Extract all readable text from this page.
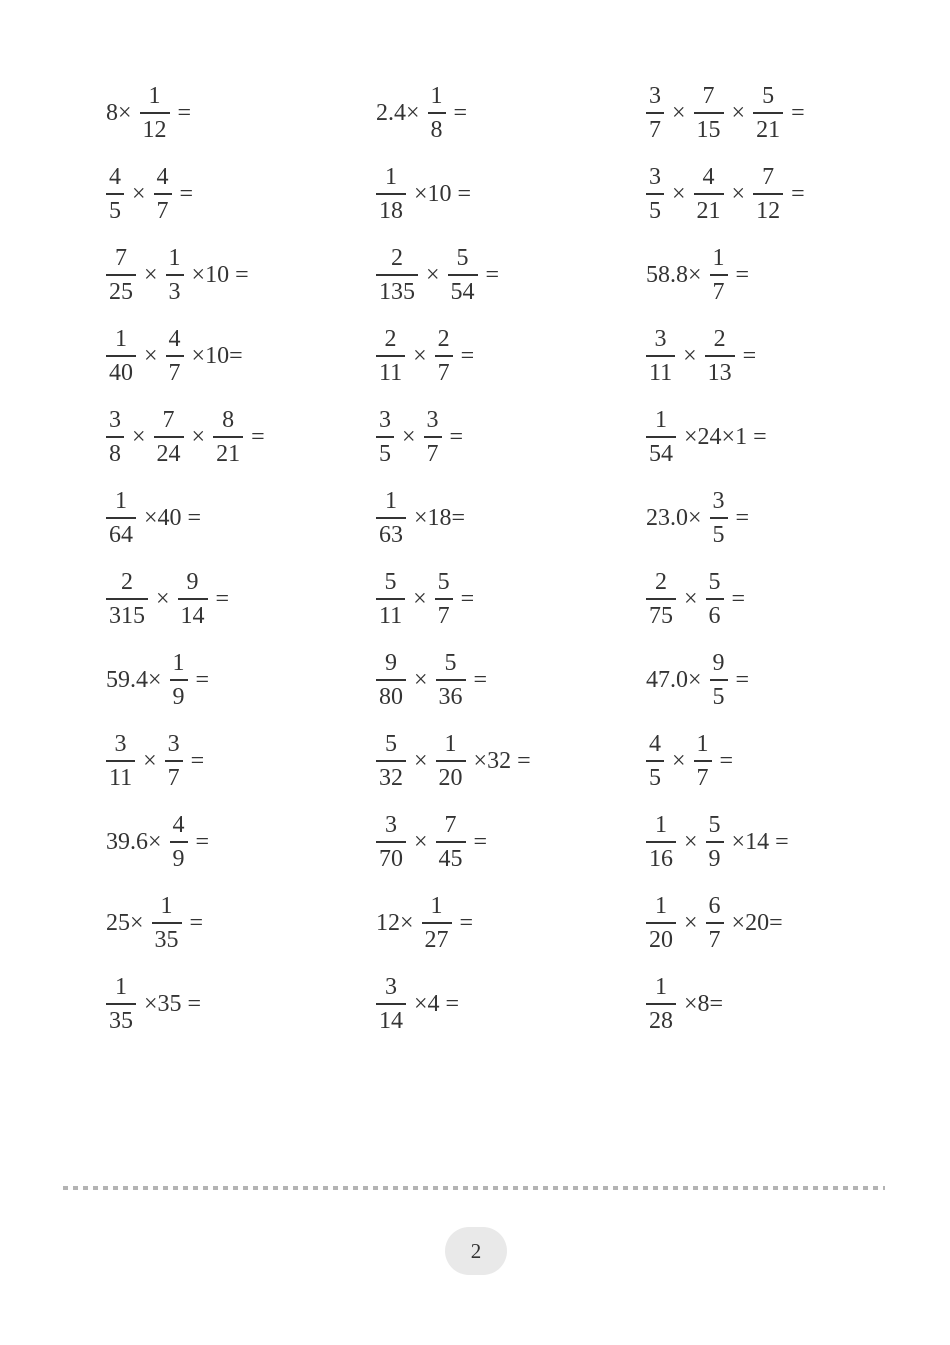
$8\times \frac{1}{12}$ =	$2.4\times \frac{1}{8}$ =	$\frac{3}{7} \times \frac{7}{15} \times \frac{5}{21}$ =
$\frac{4}{5} \times \frac{4}{7}$ =	$\frac{1}{18} \times 10$ =	$\frac{3}{5} \times \frac{4}{21} \times \frac{7}{12}$ =
$\frac{7}{25} \times \frac{1}{3} \times 10$ =	$\frac{2}{135} \times \frac{5}{54}$ =	$58.8\times \frac{1}{7}$ =
$\frac{1}{40} \times \frac{4}{7} \times 10=$	$\frac{2}{11} \times \frac{2}{7}$ =	$\frac{3}{11} \times \frac{2}{13}$ =
$\frac{3}{8} \times \frac{7}{24} \times \frac{8}{21}$ =	$\frac{3}{5} \times \frac{3}{7}$ =	$\frac{1}{54} \times 24\times 1$ =
$\frac{1}{64} \times 40$ =	$\frac{1}{63} \times 18=$	$23.0\times \frac{3}{5}$ =
$\frac{2}{315} \times \frac{9}{14}$ =	$\frac{5}{11} \times \frac{5}{7}$ =	$\frac{2}{75} \times \frac{5}{6}$ =
$59.4\times \frac{1}{9}$ =	$\frac{9}{80} \times \frac{5}{36}$ =	$47.0\times \frac{9}{5}$ =
$\frac{3}{11} \times \frac{3}{7}$ =	$\frac{5}{32} \times \frac{1}{20} \times 32$ =	$\frac{4}{5} \times \frac{1}{7}$ =
$39.6\times \frac{4}{9}$ =	$\frac{3}{70} \times \frac{7}{45}$ =	$\frac{1}{16} \times \frac{5}{9} \times 14$ =
$25\times \frac{1}{35}$ =	$12\times \frac{1}{27}$ =	$\frac{1}{20} \times \frac{6}{7} \times 20=$
$\frac{1}{35} \times 35$ =	$\frac{3}{14} \times 4$ =	$\frac{1}{28} \times 8=$
2
